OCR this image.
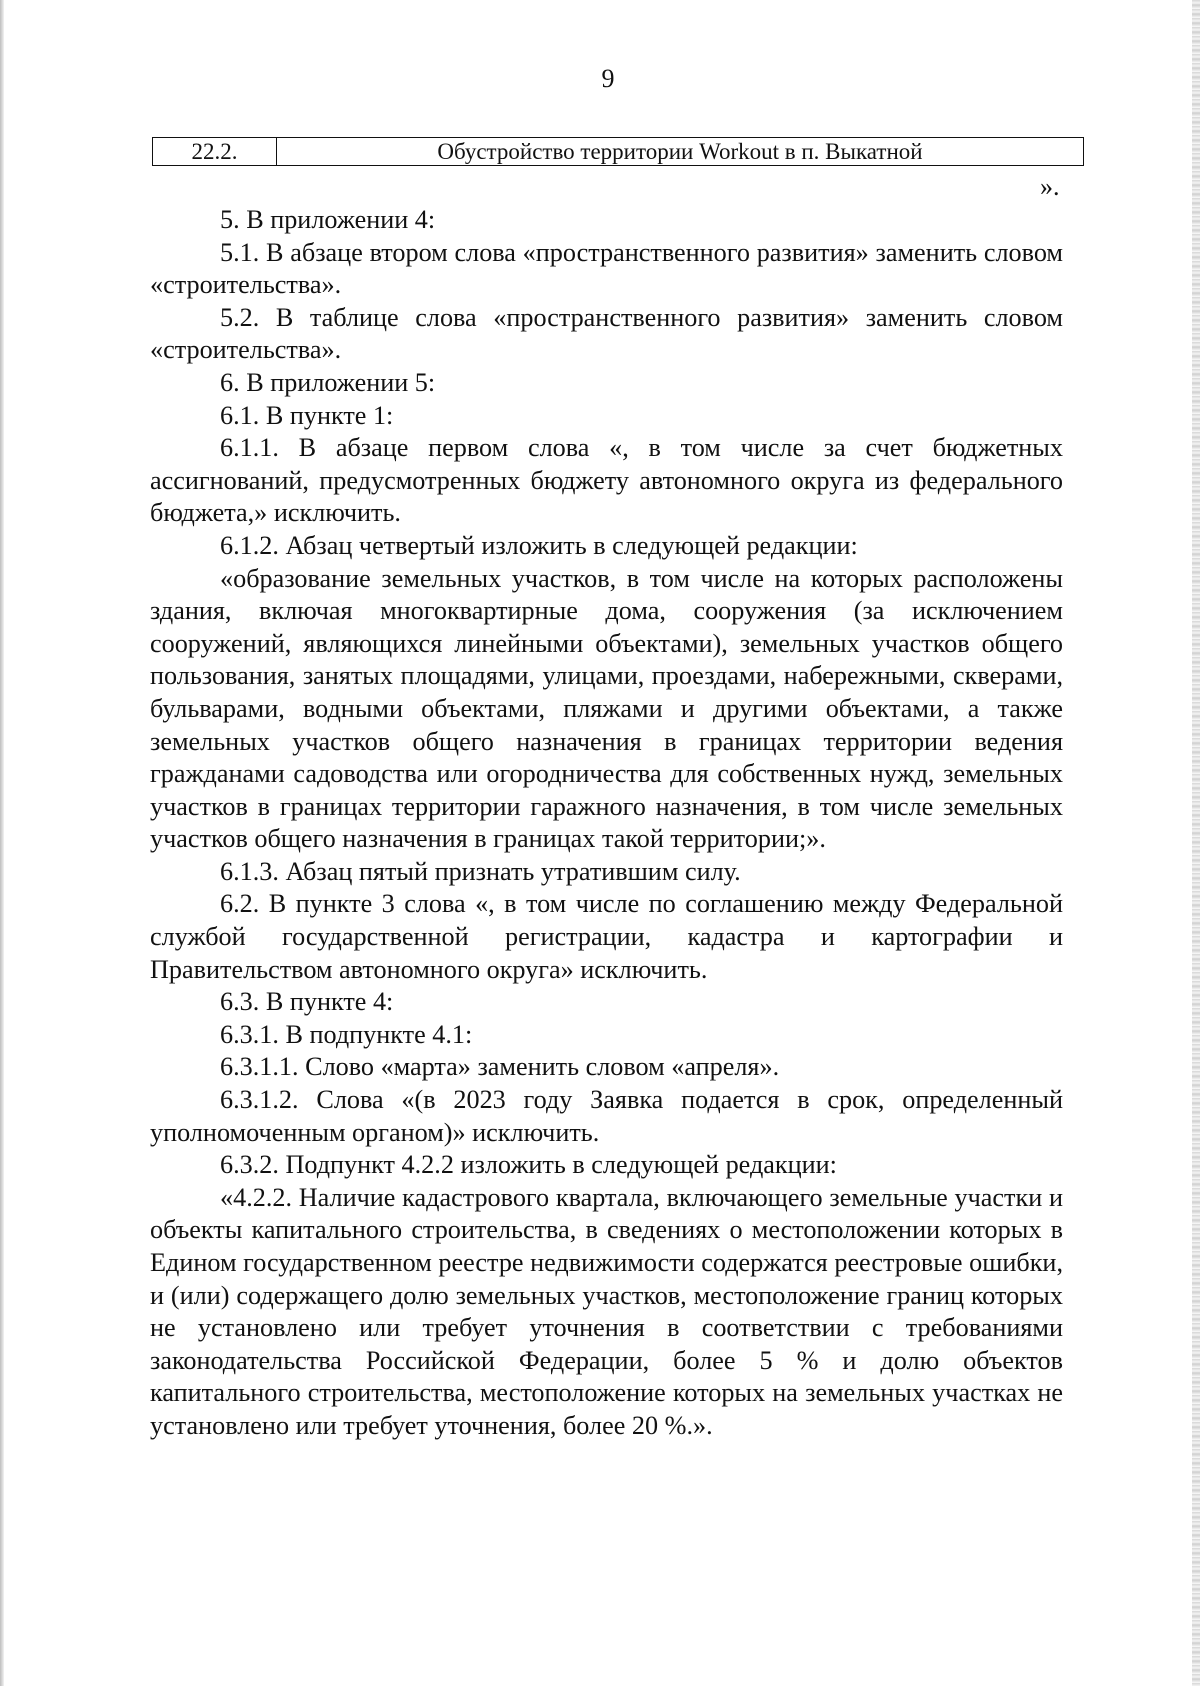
9
22.2.	Обустройство территории Workout в п. Выкатной
».

5. В приложении 4:

5.1. В абзаце втором слова «пространственного развития» заменить словом «строительства».

5.2. В таблице слова «пространственного развития» заменить словом «строительства».

6. В приложении 5:

6.1. В пункте 1:

6.1.1. В абзаце первом слова «, в том числе за счет бюджетных ассигнований, предусмотренных бюджету автономного округа из федерального бюджета,» исключить.

6.1.2. Абзац четвертый изложить в следующей редакции:

«образование земельных участков, в том числе на которых расположены здания, включая многоквартирные дома, сооружения (за исключением сооружений, являющихся линейными объектами), земельных участков общего пользования, занятых площадями, улицами, проездами, набережными, скверами, бульварами, водными объектами, пляжами и другими объектами, а также земельных участков общего назначения в границах территории ведения гражданами садоводства или огородничества для собственных нужд, земельных участков в границах территории гаражного назначения, в том числе земельных участков общего назначения в границах такой территории;».

6.1.3. Абзац пятый признать утратившим силу.

6.2. В пункте 3 слова «, в том числе по соглашению между Федеральной службой государственной регистрации, кадастра и картографии и Правительством автономного округа» исключить.

6.3. В пункте 4:

6.3.1. В подпункте 4.1:

6.3.1.1. Слово «марта» заменить словом «апреля».

6.3.1.2. Слова «(в 2023 году Заявка подается в срок, определенный уполномоченным органом)» исключить.

6.3.2. Подпункт 4.2.2 изложить в следующей редакции:

«4.2.2. Наличие кадастрового квартала, включающего земельные участки и объекты капитального строительства, в сведениях о местоположении которых в Едином государственном реестре недвижимости содержатся реестровые ошибки, и (или) содержащего долю земельных участков, местоположение границ которых не установлено или требует уточнения в соответствии с требованиями законодательства Российской Федерации, более 5 % и долю объектов капитального строительства, местоположение которых на земельных участках не установлено или требует уточнения, более 20 %.».
